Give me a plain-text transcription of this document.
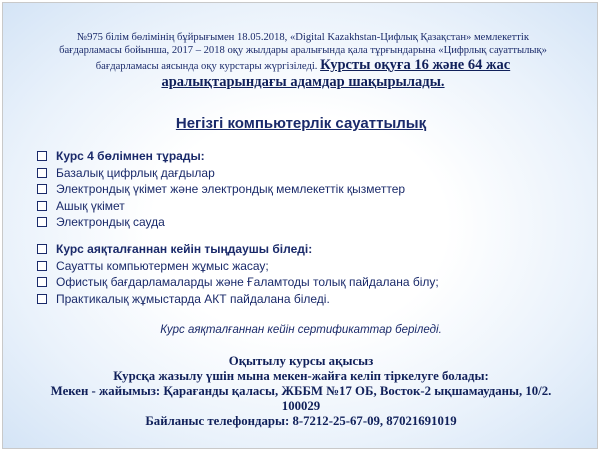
№975 білім бөлімінің бұйрығымен 18.05.2018, «Digital Kazakhstan-Цифлық Қазақстан» мемлекеттік
бағдарламасы бойынша, 2017 – 2018 оқу жылдары аралығында қала тұрғындарына «Цифрлық сауаттылық»
бағдарламасы аясында оқу курстары жүргізіледі. Курсты оқуға 16 және 64 жас
аралықтарындағы адамдар шақырылады.
Негізгі компьютерлік сауаттылық
Курс 4 бөлімнен тұрады:
Базалық цифрлық дағдылар
Электрондық үкімет және электрондық мемлекеттік қызметтер
Ашық үкімет
Электрондық сауда
Курс аяқталғаннан кейін тыңдаушы біледі:
Сауатты компьютермен жұмыс жасау;
Офистық бағдарламаларды және Ғаламтоды толық пайдалана білу;
Практикалық жұмыстарда АКТ пайдалана біледі.
Курс аяқталғаннан кейін сертификаттар беріледі.
Оқытылу курсы ақысыз
Курсқа жазылу үшін мына мекен-жайға келіп тіркелуге болады:
Мекен - жайымыз: Қарағанды қаласы, ЖББМ №17 ОБ, Восток-2 ықшамауданы, 10/2.
100029
Байланыс телефондары: 8-7212-25-67-09, 87021691019
